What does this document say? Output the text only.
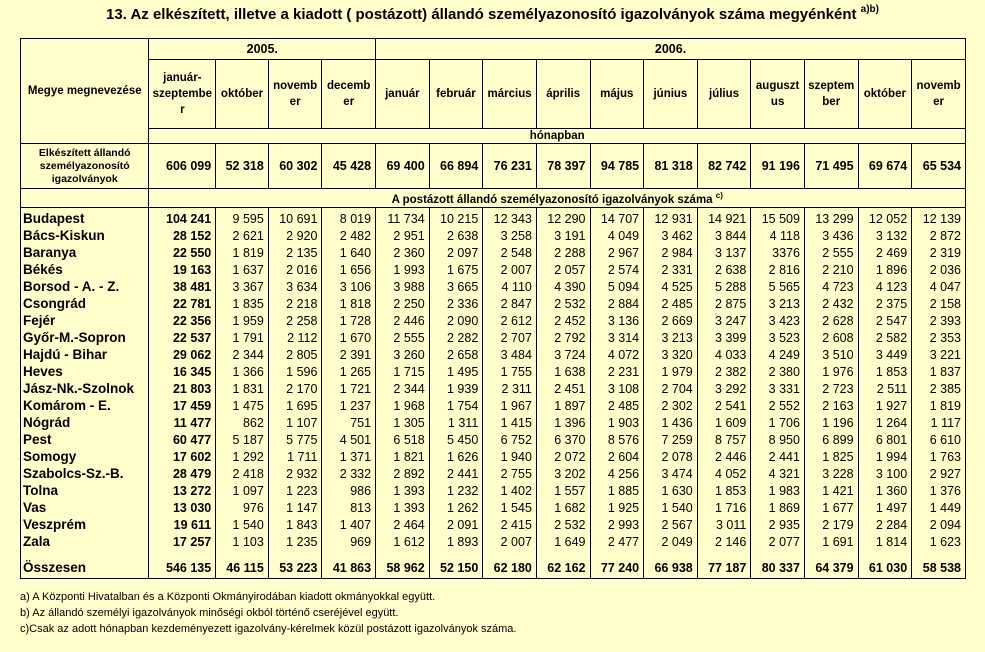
13. Az elkészített, illetve a kiadott ( postázott) állandó személyazonosító igazolványok száma megyénként $^{a)b)}$
Megye megnevezése	2005.				2006.										
	január-szeptember	október	november	december	január	február	március	április	május	június	július	augusztus	szeptember	október	november
	hónapban														
Elkészített állandó személyazonosító igazolványok	606 099	52 318	60 302	45 428	69 400	66 894	76 231	78 397	94 785	81 318	82 742	91 196	71 495	69 674	65 534
	A postázott állandó személyazonosító igazolványok száma $^{c)}$
Budapest	104 241	9 595	10 691	8 019	11 734	10 215	12 343	12 290	14 707	12 931	14 921	15 509	13 299	12 052	12 139
Bács-Kiskun	28 152	2 621	2 920	2 482	2 951	2 638	3 258	3 191	4 049	3 462	3 844	4 118	3 436	3 132	2 872
Baranya	22 550	1 819	2 135	1 640	2 360	2 097	2 548	2 288	2 967	2 984	3 137	3376	2 555	2 469	2 319
Békés	19 163	1 637	2 016	1 656	1 993	1 675	2 007	2 057	2 574	2 331	2 638	2 816	2 210	1 896	2 036
Borsod - A. - Z.	38 481	3 367	3 634	3 106	3 988	3 665	4 110	4 390	5 094	4 525	5 288	5 565	4 723	4 123	4 047
Csongrád	22 781	1 835	2 218	1 818	2 250	2 336	2 847	2 532	2 884	2 485	2 875	3 213	2 432	2 375	2 158
Fejér	22 356	1 959	2 258	1 728	2 446	2 090	2 612	2 452	3 136	2 669	3 247	3 423	2 628	2 547	2 393
Győr-M.-Sopron	22 537	1 791	2 112	1 670	2 555	2 282	2 707	2 792	3 314	3 213	3 399	3 523	2 608	2 582	2 353
Hajdú - Bihar	29 062	2 344	2 805	2 391	3 260	2 658	3 484	3 724	4 072	3 320	4 033	4 249	3 510	3 449	3 221
Heves	16 345	1 366	1 596	1 265	1 715	1 495	1 755	1 638	2 231	1 979	2 382	2 380	1 976	1 853	1 837
Jász-Nk.-Szolnok	21 803	1 831	2 170	1 721	2 344	1 939	2 311	2 451	3 108	2 704	3 292	3 331	2 723	2 511	2 385
Komárom - E.	17 459	1 475	1 695	1 237	1 968	1 754	1 967	1 897	2 485	2 302	2 541	2 552	2 163	1 927	1 819
Nógrád	11 477	862	1 107	751	1 305	1 311	1 415	1 396	1 903	1 436	1 609	1 706	1 196	1 264	1 117
Pest	60 477	5 187	5 775	4 501	6 518	5 450	6 752	6 370	8 576	7 259	8 757	8 950	6 899	6 801	6 610
Somogy	17 602	1 292	1 711	1 371	1 821	1 626	1 940	2 072	2 604	2 078	2 446	2 441	1 825	1 994	1 763
Szabolcs-Sz.-B.	28 479	2 418	2 932	2 332	2 892	2 441	2 755	3 202	4 256	3 474	4 052	4 321	3 228	3 100	2 927
Tolna	13 272	1 097	1 223	986	1 393	1 232	1 402	1 557	1 885	1 630	1 853	1 983	1 421	1 360	1 376
Vas	13 030	976	1 147	813	1 393	1 262	1 545	1 682	1 925	1 540	1 716	1 869	1 677	1 497	1 449
Veszprém	19 611	1 540	1 843	1 407	2 464	2 091	2 415	2 532	2 993	2 567	3 011	2 935	2 179	2 284	2 094
Zala	17 257	1 103	1 235	969	1 612	1 893	2 007	1 649	2 477	2 049	2 146	2 077	1 691	1 814	1 623

Összesen	546 135	46 115	53 223	41 863	58 962	52 150	62 180	62 162	77 240	66 938	77 187	80 337	64 379	61 030	58 538
a) A Központi Hivatalban és a Központi Okmányirodában kiadott okmányokkal együtt.
b) Az állandó személyi igazolványok minőségi okból történő cseréjével együtt.
c)Csak az adott hónapban kezdeményezett igazolvány-kérelmek közül postázott igazolványok száma.
